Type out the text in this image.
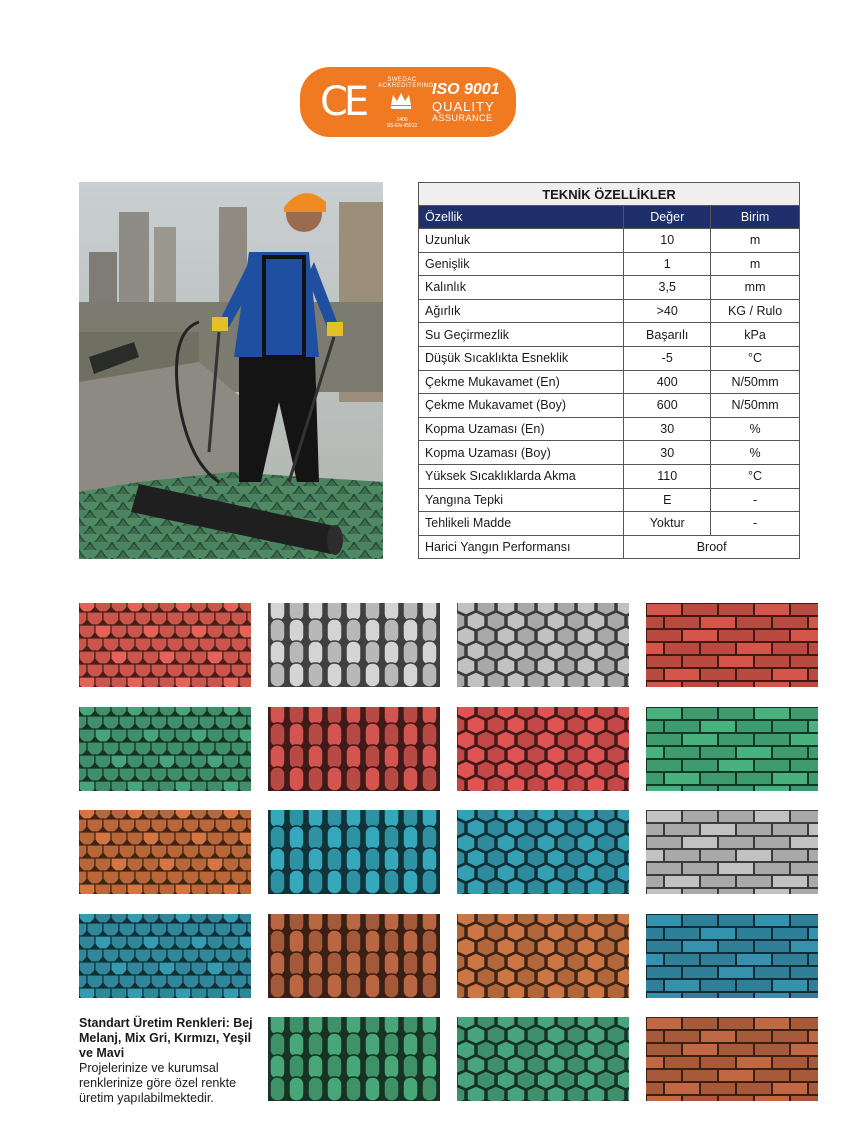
CE	SWEDAC ACKREDITERING
1400
SS-EN 45012
ISO 9001
QUALITY
ASSURANCE
TEKNİK ÖZELLİKLER		
Özellik	Değer	Birim
Uzunluk	10	m
Genişlik	1	m
Kalınlık	3,5	mm
Ağırlık	>40	KG / Rulo
Su Geçirmezlik	Başarılı	kPa
Düşük Sıcaklıkta Esneklik	-5	°C
Çekme Mukavamet (En)	400	N/50mm
Çekme Mukavamet (Boy)	600	N/50mm
Kopma Uzaması (En)	30	%
Kopma Uzaması (Boy)	30	%
Yüksek Sıcaklıklarda Akma	110	°C
Yangına Tepki	E	-
Tehlikeli Madde	Yoktur	-
Harici Yangın Performansı	Broof	
Standart Üretim Renkleri: Bej Melanj, Mix Gri, Kırmızı, Yeşil ve Mavi
Projelerinize ve kurumsal renklerinize göre özel renkte üretim yapılabilmektedir.
